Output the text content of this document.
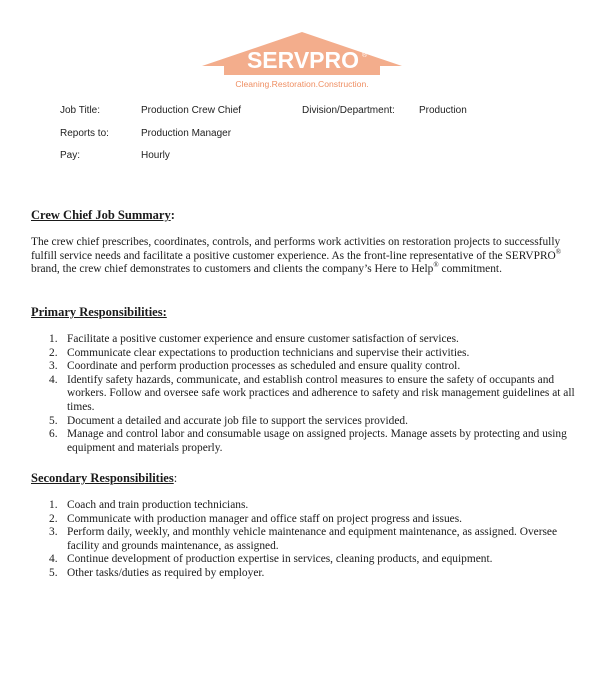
SERVPRO ®
Cleaning.Restoration.Construction.
Job Title:	Production Crew Chief	Division/Department: Production
Reports to:	Production Manager
Pay:	Hourly
Crew Chief Job Summary:

The crew chief prescribes, coordinates, controls, and performs work activities on restoration projects to successfully fulfill service needs and facilitate a positive customer experience. As the front-line representative of the SERVPRO® brand, the crew chief demonstrates to customers and clients the company’s Here to Help® commitment.

Primary Responsibilities:
1. Facilitate a positive customer experience and ensure customer satisfaction of services.
2. Communicate clear expectations to production technicians and supervise their activities.
3. Coordinate and perform production processes as scheduled and ensure quality control.
4. Identify safety hazards, communicate, and establish control measures to ensure the safety of occupants and workers. Follow and oversee safe work practices and adherence to safety and risk management guidelines at all times.
5. Document a detailed and accurate job file to support the services provided.
6. Manage and control labor and consumable usage on assigned projects. Manage assets by protecting and using equipment and materials properly.
Secondary Responsibilities:
1. Coach and train production technicians.
2. Communicate with production manager and office staff on project progress and issues.
3. Perform daily, weekly, and monthly vehicle maintenance and equipment maintenance, as assigned. Oversee facility and grounds maintenance, as assigned.
4. Continue development of production expertise in services, cleaning products, and equipment.
5. Other tasks/duties as required by employer.
